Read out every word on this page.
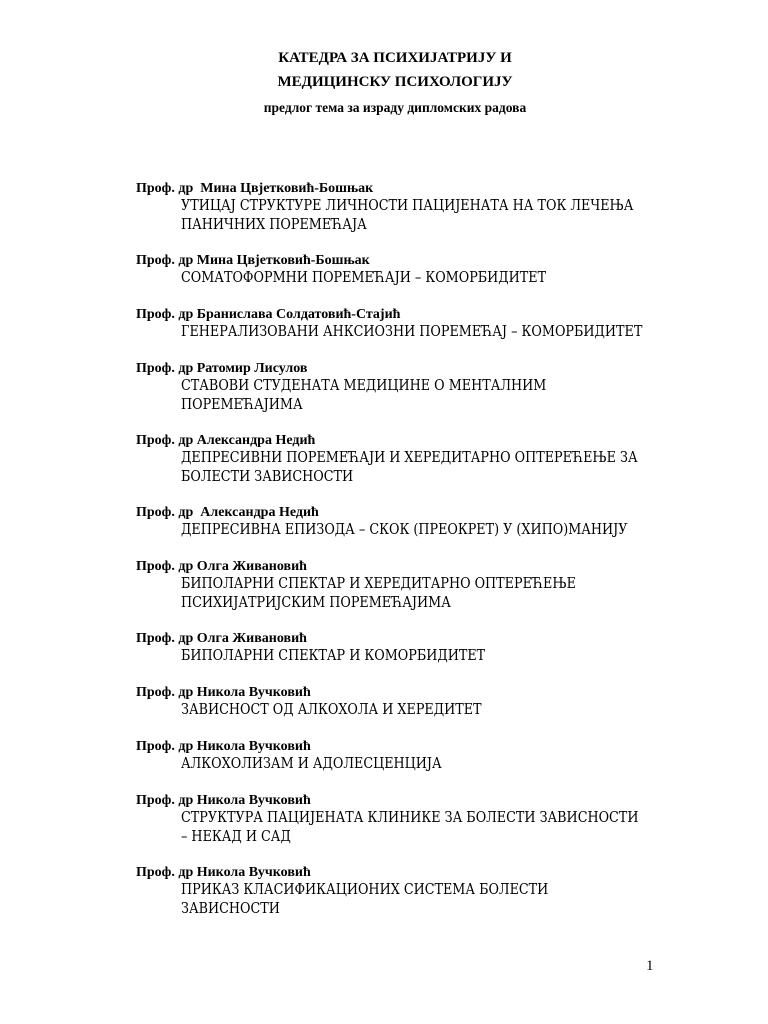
КАТЕДРА ЗА ПСИХИЈАТРИЈУ И
МЕДИЦИНСКУ ПСИХОЛОГИЈУ
предлог тема за израду дипломских радова
Проф. др  Мина Цвјетковић-Бошњак
УТИЦАЈ СТРУКТУРЕ ЛИЧНОСТИ ПАЦИЈЕНАТА НА ТОК ЛЕЧЕЊА
ПАНИЧНИХ ПОРЕМЕЋАЈА
Проф. др Мина Цвјетковић-Бошњак
СОМАТОФОРМНИ ПОРЕМЕЋАЈИ – КОМОРБИДИТЕТ
Проф. др Бранислава Солдатовић-Стајић
ГЕНЕРАЛИЗОВАНИ АНКСИОЗНИ ПОРЕМЕЋАЈ – КОМОРБИДИТЕТ
Проф. др Ратомир Лисулов
СТАВОВИ СТУДЕНАТА МЕДИЦИНЕ О МЕНТАЛНИМ
ПОРЕМЕЋАЈИМА
Проф. др Александра Недић
ДЕПРЕСИВНИ ПОРЕМЕЋАЈИ И ХЕРЕДИТАРНО ОПТЕРЕЋЕЊЕ ЗА
БОЛЕСТИ ЗАВИСНОСТИ
Проф. др  Александра Недић
ДЕПРЕСИВНА ЕПИЗОДА – СКОК (ПРЕОКРЕТ) У (ХИПО)МАНИЈУ
Проф. др Олга Живановић
БИПОЛАРНИ СПЕКТАР И ХЕРЕДИТАРНО ОПТЕРЕЋЕЊЕ
ПСИХИЈАТРИЈСКИМ ПОРЕМЕЋАЈИМА
Проф. др Олга Живановић
БИПОЛАРНИ СПЕКТАР И КОМОРБИДИТЕТ
Проф. др Никола Вучковић
ЗАВИСНОСТ ОД АЛКОХОЛА И ХЕРЕДИТЕТ
Проф. др Никола Вучковић
АЛКОХОЛИЗАМ И АДОЛЕСЦЕНЦИЈА
Проф. др Никола Вучковић
СТРУКТУРА ПАЦИЈЕНАТА КЛИНИКЕ ЗА БОЛЕСТИ ЗАВИСНОСТИ
– НЕКАД И САД
Проф. др Никола Вучковић
ПРИКАЗ КЛАСИФИКАЦИОНИХ СИСТЕМА БОЛЕСТИ
ЗАВИСНОСТИ
1
